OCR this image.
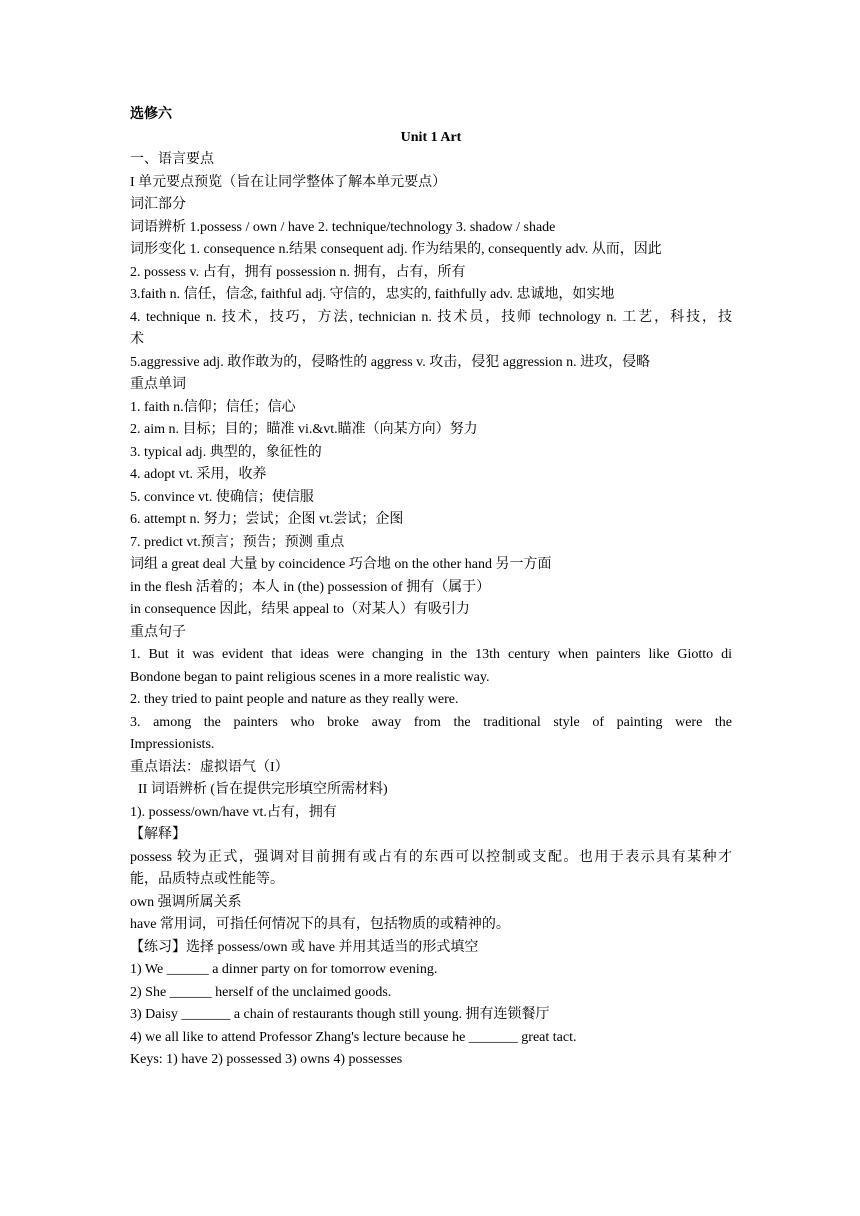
选修六
Unit 1 Art
一、语言要点
I 单元要点预览（旨在让同学整体了解本单元要点）
词汇部分
词语辨析 1.possess / own / have 2. technique/technology 3. shadow / shade
词形变化 1. consequence n.结果 consequent adj. 作为结果的, consequently adv. 从而，因此
2. possess v. 占有，拥有 possession n. 拥有，占有，所有
3.faith n. 信任，信念, faithful adj. 守信的，忠实的, faithfully adv. 忠诚地，如实地
4. technique n. 技术，技巧，方法, technician n. 技术员，技师 technology n. 工艺，科技，技
术
5.aggressive adj. 敢作敢为的，侵略性的 aggress v. 攻击，侵犯 aggression n. 进攻，侵略
重点单词
1. faith n.信仰；信任；信心
2. aim n. 目标；目的；瞄准 vi.&vt.瞄准（向某方向）努力
3. typical adj. 典型的，象征性的
4. adopt vt. 采用，收养
5. convince vt. 使确信；使信服
6. attempt n. 努力；尝试；企图 vt.尝试；企图
7. predict vt.预言；预告；预测 重点
词组 a great deal 大量 by coincidence 巧合地 on the other hand 另一方面
in the flesh 活着的；本人 in (the) possession of 拥有（属于）
in consequence 因此，结果 appeal to（对某人）有吸引力
重点句子
1. But it was evident that ideas were changing in the 13th century when painters like Giotto di
Bondone began to paint religious scenes in a more realistic way.
2. they tried to paint people and nature as they really were.
3. among the painters who broke away from the traditional style of painting were the
Impressionists.
重点语法：虚拟语气（I）
II 词语辨析 (旨在提供完形填空所需材料)
1). possess/own/have vt.占有，拥有
【解释】
possess 较为正式，强调对目前拥有或占有的东西可以控制或支配。也用于表示具有某种才
能，品质特点或性能等。
own 强调所属关系
have 常用词，可指任何情况下的具有，包括物质的或精神的。
【练习】选择 possess/own 或 have 并用其适当的形式填空
1) We ______ a dinner party on for tomorrow evening.
2) She ______ herself of the unclaimed goods.
3) Daisy _______ a chain of restaurants though still young. 拥有连锁餐厅
4) we all like to attend Professor Zhang's lecture because he _______ great tact.
Keys: 1) have 2) possessed 3) owns 4) possesses
